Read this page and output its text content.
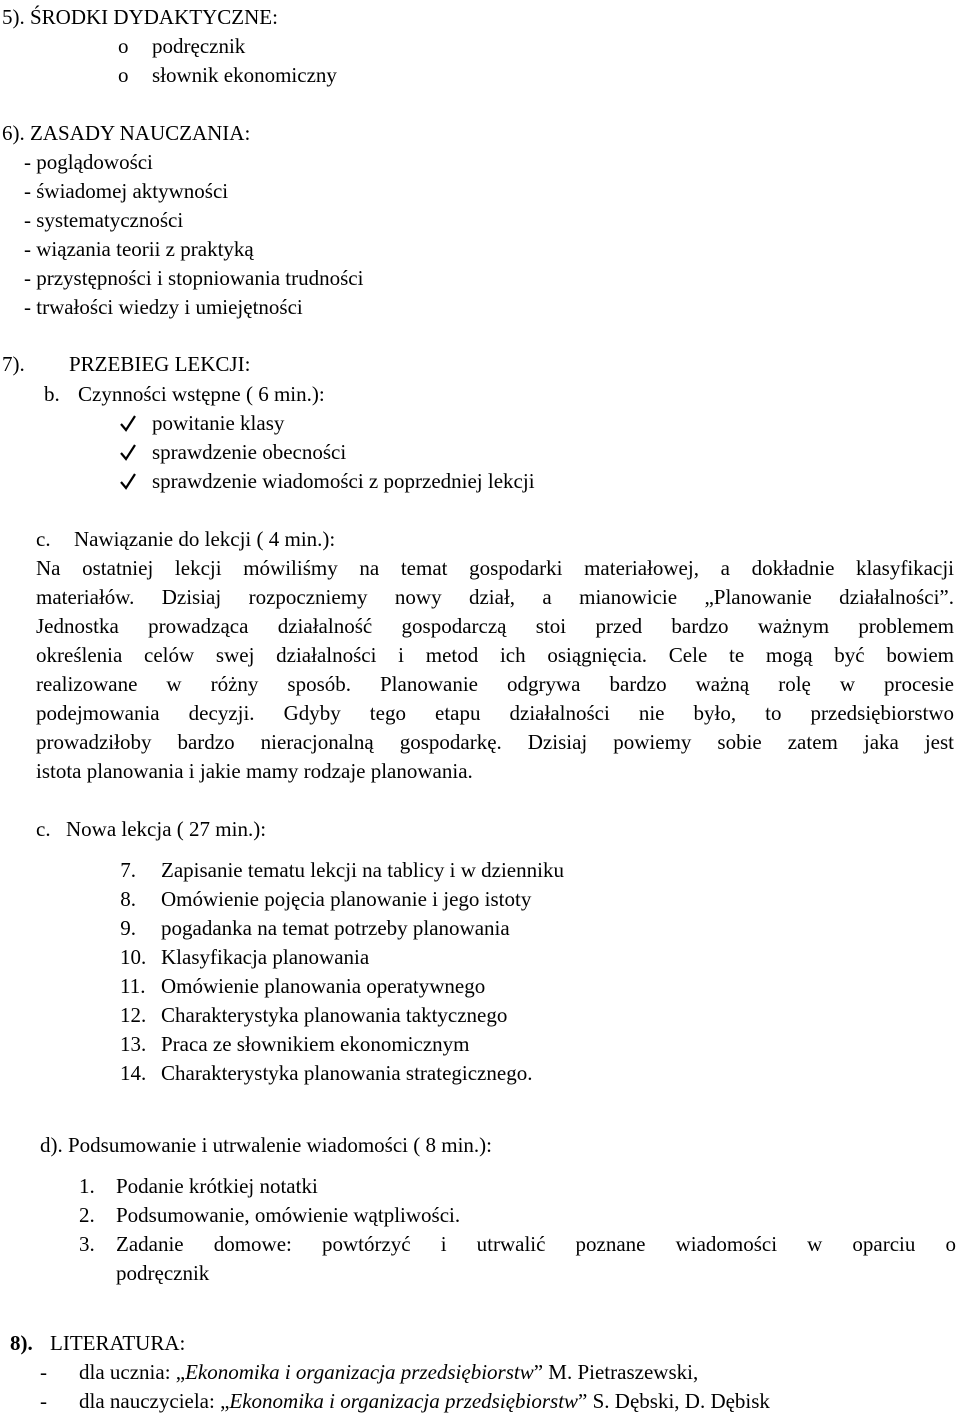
5). ŚRODKI DYDAKTYCZNE:
o podręcznik
o słownik ekonomiczny
6). ZASADY NAUCZANIA:
- poglądowości
- świadomej aktywności
- systematyczności
- wiązania teorii z praktyką
- przystępności i stopniowania trudności
- trwałości wiedzy i umiejętności
7). PRZEBIEG LEKCJI:
b. Czynności wstępne ( 6 min.):
powitanie klasy
sprawdzenie obecności
sprawdzenie wiadomości z poprzedniej lekcji
c. Nawiązanie do lekcji ( 4 min.):
Na ostatniej lekcji mówiliśmy na temat gospodarki materiałowej, a dokładnie klasyfikacji
materiałów. Dzisiaj rozpoczniemy nowy dział, a mianowicie „Planowanie działalności”.
Jednostka prowadząca działalność gospodarczą stoi przed bardzo ważnym problemem
określenia celów swej działalności i metod ich osiągnięcia. Cele te mogą być bowiem
realizowane w różny sposób. Planowanie odgrywa bardzo ważną rolę w procesie
podejmowania decyzji. Gdyby tego etapu działalności nie było, to przedsiębiorstwo
prowadziłoby bardzo nieracjonalną gospodarkę. Dzisiaj powiemy sobie zatem jaka jest
istota planowania i jakie mamy rodzaje planowania.
c. Nowa lekcja ( 27 min.):
7. Zapisanie tematu lekcji na tablicy i w dzienniku
8. Omówienie pojęcia planowanie i jego istoty
9. pogadanka na temat potrzeby planowania
10. Klasyfikacja planowania
11. Omówienie planowania operatywnego
12. Charakterystyka planowania taktycznego
13. Praca ze słownikiem ekonomicznym
14. Charakterystyka planowania strategicznego.
d). Podsumowanie i utrwalenie wiadomości ( 8 min.):
1. Podanie krótkiej notatki
2. Podsumowanie, omówienie wątpliwości.
3. Zadanie domowe: powtórzyć i utrwalić poznane wiadomości w oparciu o
podręcznik
8). LITERATURA:
- dla ucznia: „Ekonomika i organizacja przedsiębiorstw” M. Pietraszewski,
- dla nauczyciela: „Ekonomika i organizacja przedsiębiorstw” S. Dębski, D. Dębisk
